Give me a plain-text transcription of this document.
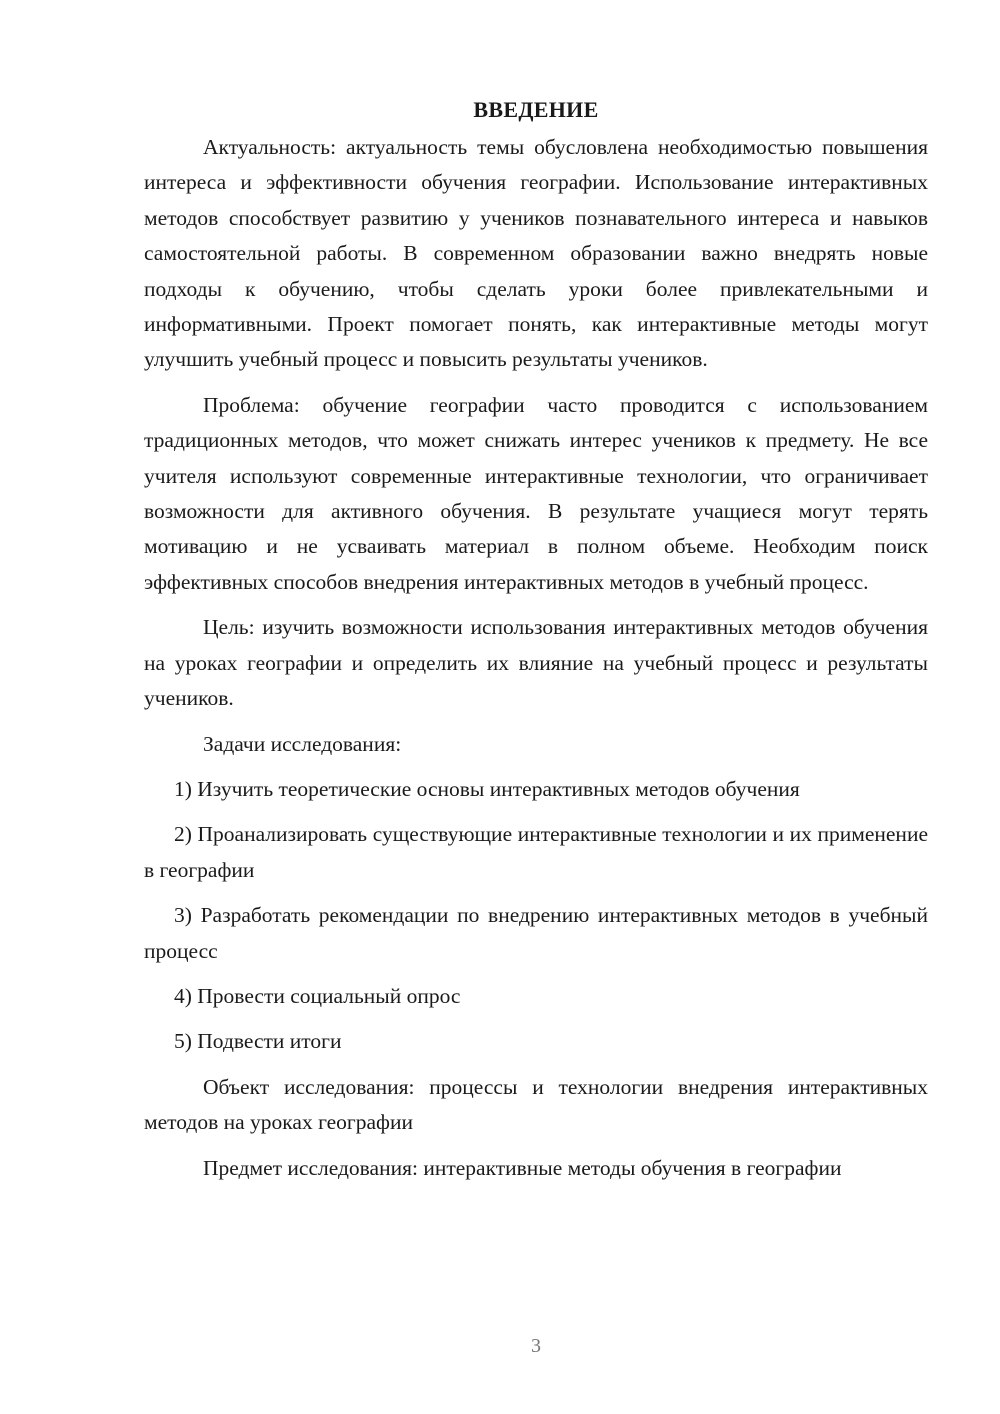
ВВЕДЕНИЕ

Актуальность: актуальность темы обусловлена необходимостью повышения интереса и эффективности обучения географии. Использование интерактивных методов способствует развитию у учеников познавательного интереса и навыков самостоятельной работы. В современном образовании важно внедрять новые подходы к обучению, чтобы сделать уроки более привлекательными и информативными. Проект помогает понять, как интерактивные методы могут улучшить учебный процесс и повысить результаты учеников.

Проблема: обучение географии часто проводится с использованием традиционных методов, что может снижать интерес учеников к предмету. Не все учителя используют современные интерактивные технологии, что ограничивает возможности для активного обучения. В результате учащиеся могут терять мотивацию и не усваивать материал в полном объеме. Необходим поиск эффективных способов внедрения интерактивных методов в учебный процесс.

Цель: изучить возможности использования интерактивных методов обучения на уроках географии и определить их влияние на учебный процесс и результаты учеников.

Задачи исследования:

1) Изучить теоретические основы интерактивных методов обучения

2) Проанализировать существующие интерактивные технологии и их применение в географии

3) Разработать рекомендации по внедрению интерактивных методов в учебный процесс

4) Провести социальный опрос

5) Подвести итоги

Объект исследования: процессы и технологии внедрения интерактивных методов на уроках географии

Предмет исследования: интерактивные методы обучения в географии

3
